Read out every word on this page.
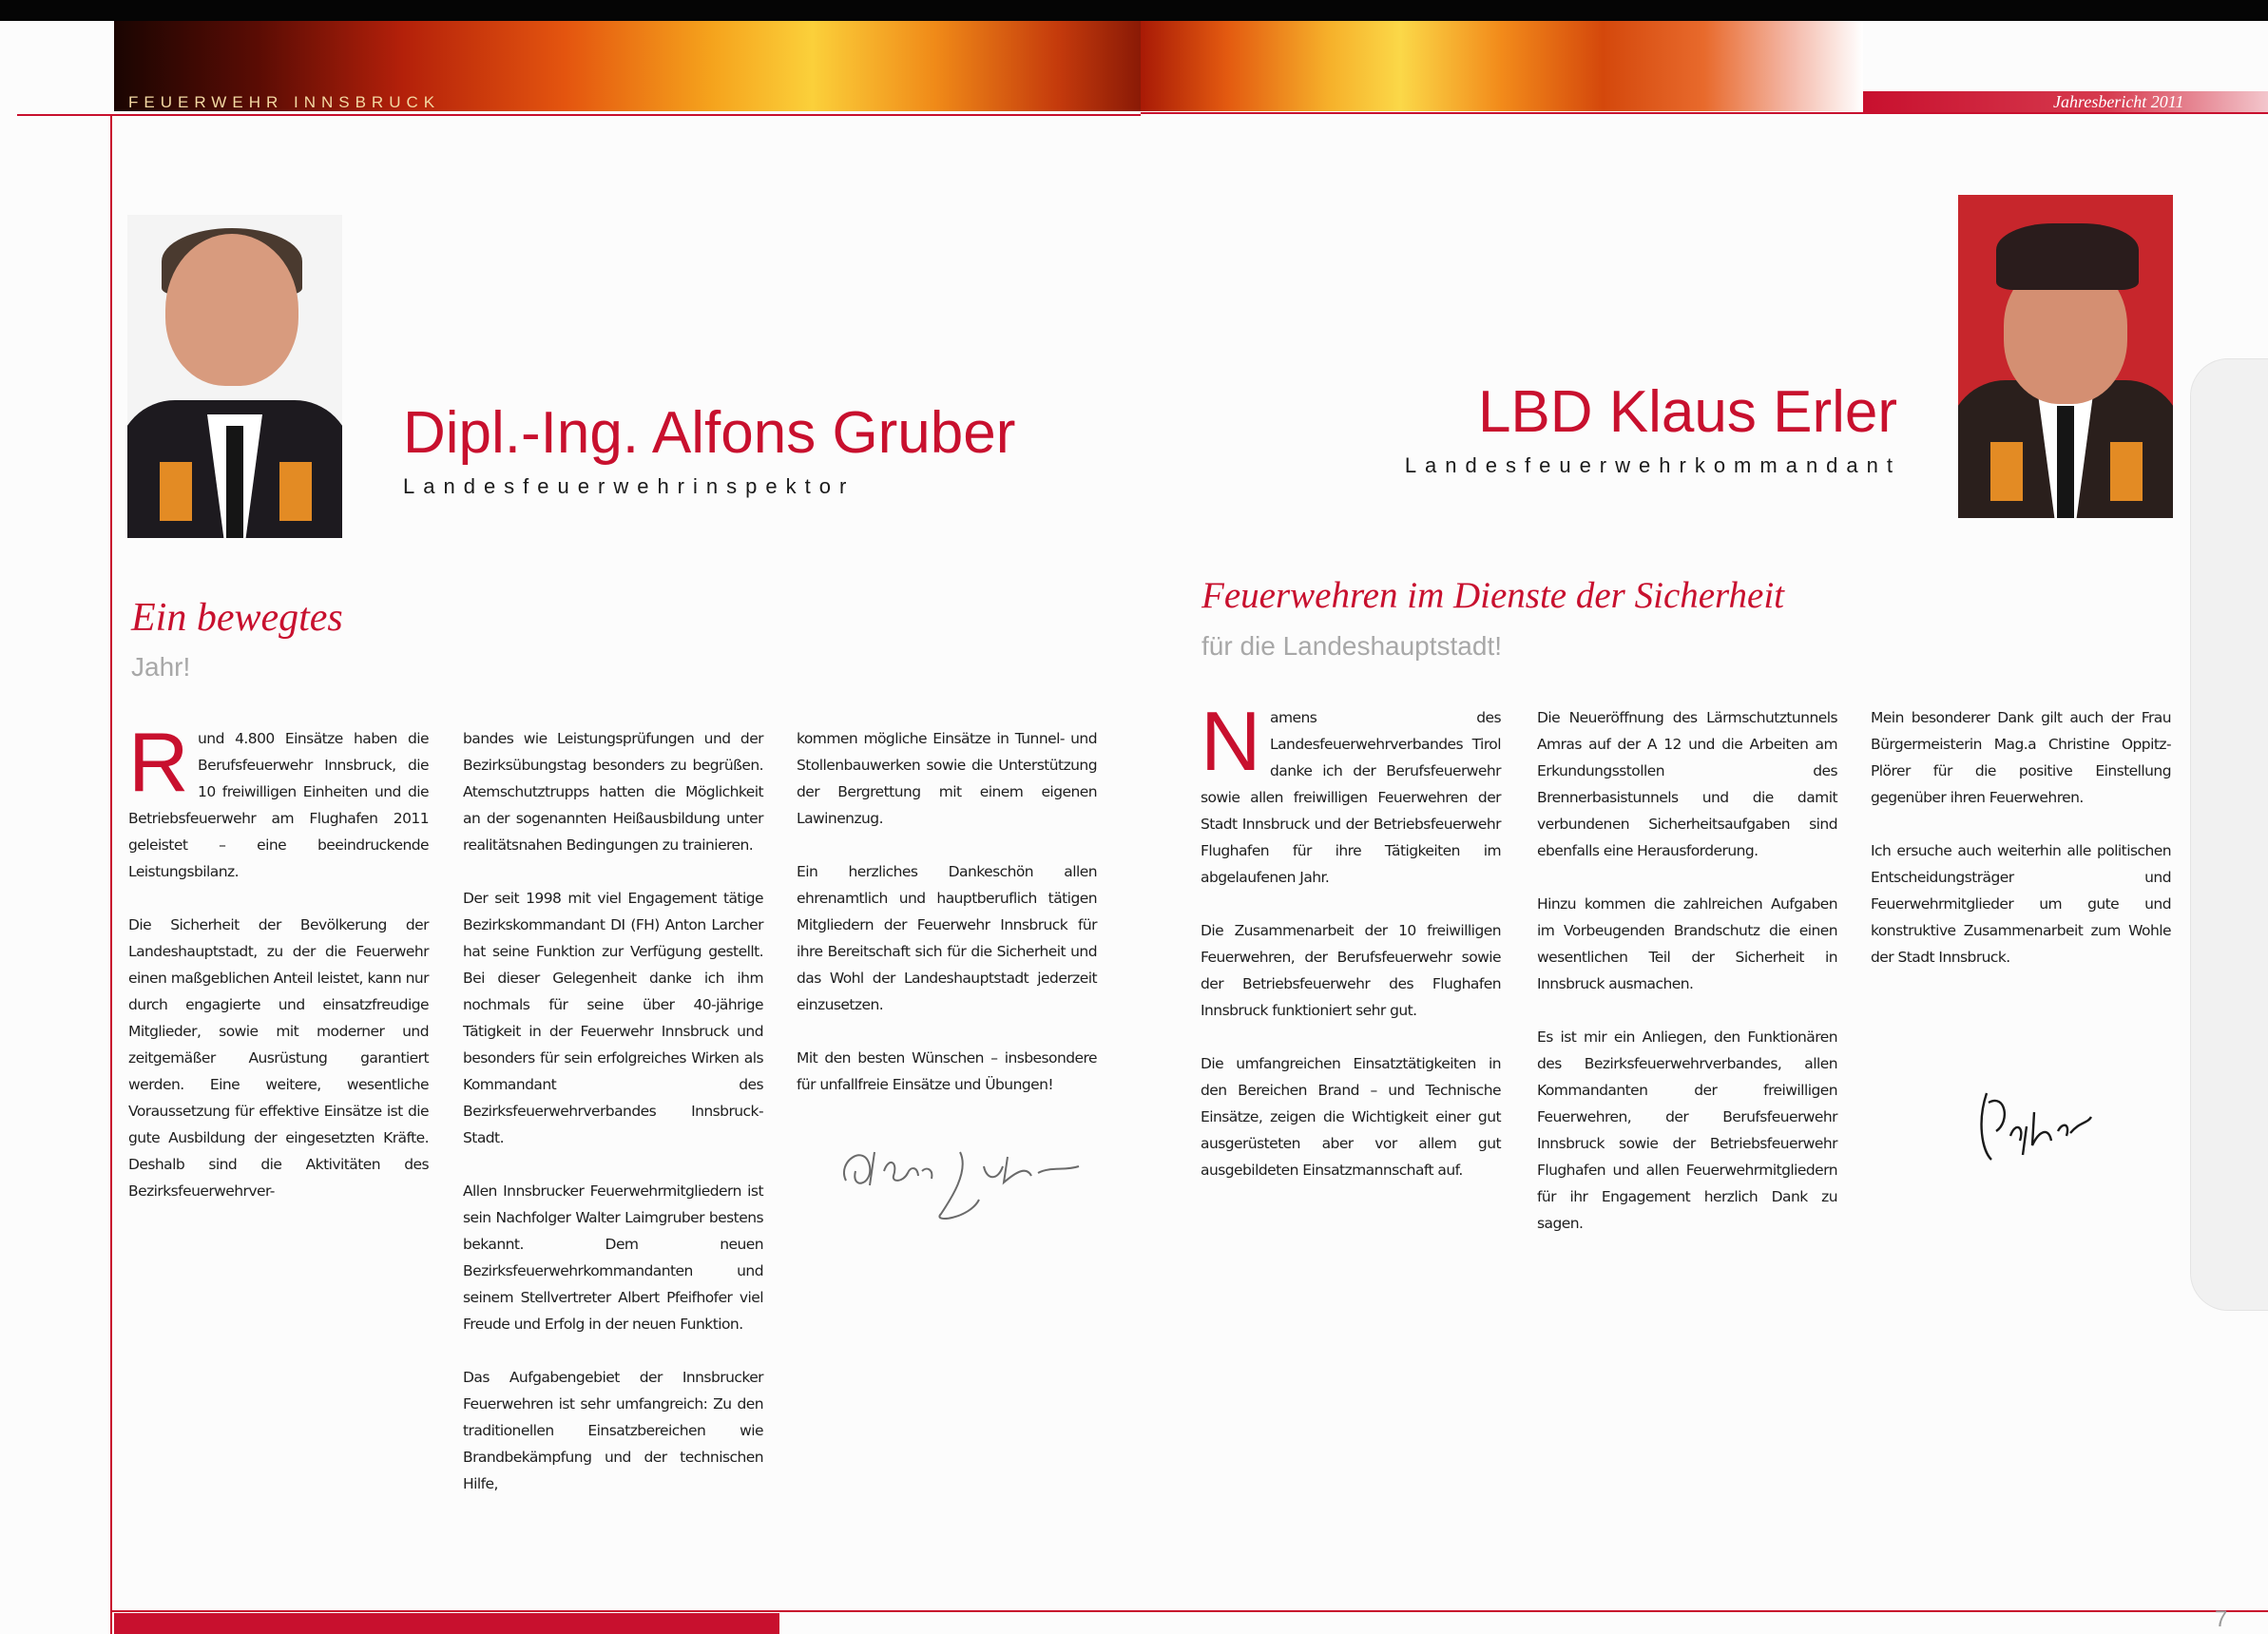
FEUERWEHR INNSBRUCK
Dipl.-Ing. Alfons Gruber
Landesfeuerwehrinspektor
Ein bewegtes
Jahr!

Rund 4.800 Einsätze haben die Berufsfeuerwehr Innsbruck, die 10 freiwilligen Einheiten und die Betriebsfeuerwehr am Flughafen 2011 geleistet – eine beeindruckende Leistungsbilanz.

Die Sicherheit der Bevölkerung der Landeshauptstadt, zu der die Feuerwehr einen maßgeblichen Anteil leistet, kann nur durch engagierte und einsatzfreudige Mitglieder, sowie mit moderner und zeitgemäßer Ausrüstung garantiert werden. Eine weitere, wesentliche Voraussetzung für effektive Einsätze ist die gute Ausbildung der eingesetzten Kräfte. Deshalb sind die Aktivitäten des Bezirksfeuerwehrver-

bandes wie Leistungsprüfungen und der Bezirksübungstag besonders zu begrüßen. Atemschutztrupps hatten die Möglichkeit an der sogenannten Heißausbildung unter realitätsnahen Bedingungen zu trainieren.

Der seit 1998 mit viel Engagement tätige Bezirkskommandant DI (FH) Anton Larcher hat seine Funktion zur Verfügung gestellt. Bei dieser Gelegenheit danke ich ihm nochmals für seine über 40-jährige Tätigkeit in der Feuerwehr Innsbruck und besonders für sein erfolgreiches Wirken als Kommandant des Bezirksfeuerwehrverbandes Innsbruck-Stadt.

Allen Innsbrucker Feuerwehrmitgliedern ist sein Nachfolger Walter Laimgruber bestens bekannt. Dem neuen Bezirksfeuerwehrkommandanten und seinem Stellvertreter Albert Pfeifhofer viel Freude und Erfolg in der neuen Funktion.

Das Aufgabengebiet der Innsbrucker Feuerwehren ist sehr umfangreich: Zu den traditionellen Einsatzbereichen wie Brandbekämpfung und der technischen Hilfe,

kommen mögliche Einsätze in Tunnel- und Stollenbauwerken sowie die Unterstützung der Bergrettung mit einem eigenen Lawinenzug.

Ein herzliches Dankeschön allen ehrenamtlich und hauptberuflich tätigen Mitgliedern der Feuerwehr Innsbruck für ihre Bereitschaft sich für die Sicherheit und das Wohl der Landeshauptstadt jederzeit einzusetzen.

Mit den besten Wünschen – insbesondere für unfallfreie Einsätze und Übungen!

Jahresbericht 2011
7
LBD Klaus Erler
Landesfeuerwehrkommandant
Feuerwehren im Dienste der Sicherheit
für die Landeshauptstadt!

Namens des Landesfeuerwehrverbandes Tirol danke ich der Berufsfeuerwehr sowie allen freiwilligen Feuerwehren der Stadt Innsbruck und der Betriebsfeuerwehr Flughafen für ihre Tätigkeiten im abgelaufenen Jahr.

Die Zusammenarbeit der 10 freiwilligen Feuerwehren, der Berufsfeuerwehr sowie der Betriebsfeuerwehr des Flughafen Innsbruck funktioniert sehr gut.

Die umfangreichen Einsatztätigkeiten in den Bereichen Brand – und Technische Einsätze, zeigen die Wichtigkeit einer gut ausgerüsteten aber vor allem gut ausgebildeten Einsatzmannschaft auf.

Die Neueröffnung des Lärmschutztunnels Amras auf der A 12 und die Arbeiten am Erkundungsstollen des Brennerbasistunnels und die damit verbundenen Sicherheitsaufgaben sind ebenfalls eine Herausforderung.

Hinzu kommen die zahlreichen Aufgaben im Vorbeugenden Brandschutz die einen wesentlichen Teil der Sicherheit in Innsbruck ausmachen.

Es ist mir ein Anliegen, den Funktionären des Bezirksfeuerwehrverbandes, allen Kommandanten der freiwilligen Feuerwehren, der Berufsfeuerwehr Innsbruck sowie der Betriebsfeuerwehr Flughafen und allen Feuerwehrmitgliedern für ihr Engagement herzlich Dank zu sagen.

Mein besonderer Dank gilt auch der Frau Bürgermeisterin Mag.a Christine Oppitz-Plörer für die positive Einstellung gegenüber ihren Feuerwehren.

Ich ersuche auch weiterhin alle politischen Entscheidungsträger und Feuerwehrmitglieder um gute und konstruktive Zusammenarbeit zum Wohle der Stadt Innsbruck.
